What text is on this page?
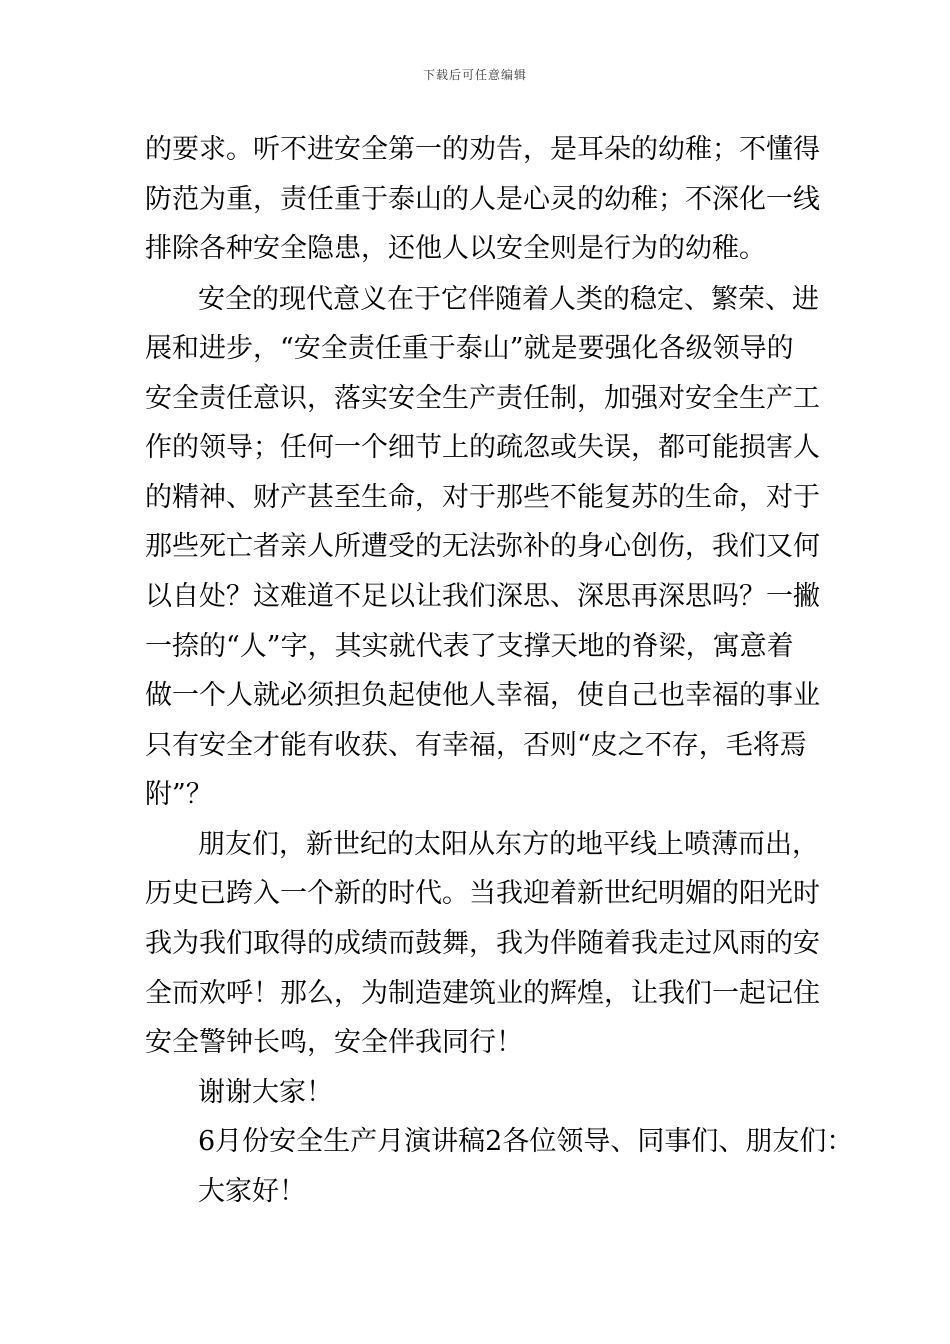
下载后可任意编辑
的要求。听不进安全第一的劝告，是耳朵的幼稚；不懂得
防范为重，责任重于泰山的人是心灵的幼稚；不深化一线
排除各种安全隐患，还他人以安全则是行为的幼稚。
安全的现代意义在于它伴随着人类的稳定、繁荣、进
展和进步，“安全责任重于泰山”就是要强化各级领导的
安全责任意识，落实安全生产责任制，加强对安全生产工
作的领导；任何一个细节上的疏忽或失误，都可能损害人
的精神、财产甚至生命，对于那些不能复苏的生命，对于
那些死亡者亲人所遭受的无法弥补的身心创伤，我们又何
以自处？这难道不足以让我们深思、深思再深思吗？一撇
一捺的“人”字，其实就代表了支撑天地的脊梁，寓意着
做一个人就必须担负起使他人幸福，使自己也幸福的事业
只有安全才能有收获、有幸福，否则“皮之不存，毛将焉
附”？
朋友们，新世纪的太阳从东方的地平线上喷薄而出，
历史已跨入一个新的时代。当我迎着新世纪明媚的阳光时
我为我们取得的成绩而鼓舞，我为伴随着我走过风雨的安
全而欢呼！那么，为制造建筑业的辉煌，让我们一起记住
安全警钟长鸣，安全伴我同行！
谢谢大家！
6月份安全生产月演讲稿2各位领导、同事们、朋友们：
大家好！
